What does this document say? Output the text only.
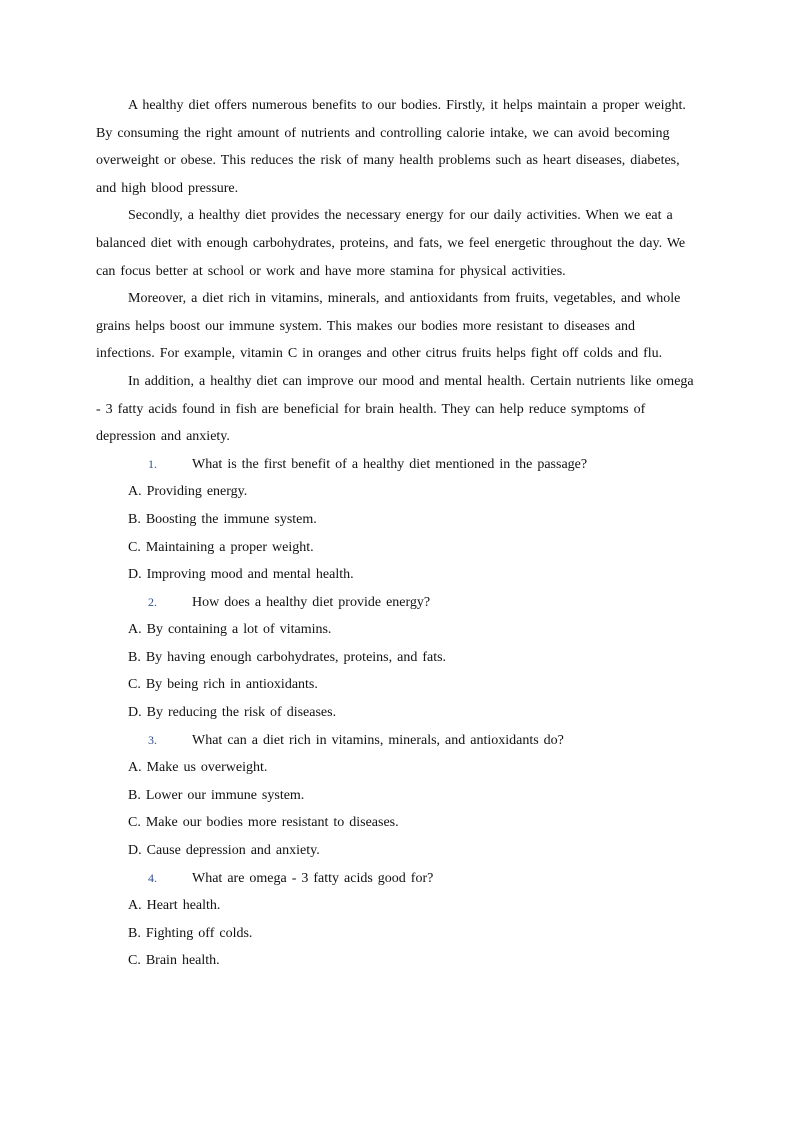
A healthy diet offers numerous benefits to our bodies. Firstly, it helps maintain a proper weight. By consuming the right amount of nutrients and controlling calorie intake, we can avoid becoming overweight or obese. This reduces the risk of many health problems such as heart diseases, diabetes, and high blood pressure.

Secondly, a healthy diet provides the necessary energy for our daily activities. When we eat a balanced diet with enough carbohydrates, proteins, and fats, we feel energetic throughout the day. We can focus better at school or work and have more stamina for physical activities.

Moreover, a diet rich in vitamins, minerals, and antioxidants from fruits, vegetables, and whole grains helps boost our immune system. This makes our bodies more resistant to diseases and infections. For example, vitamin C in oranges and other citrus fruits helps fight off colds and flu.

In addition, a healthy diet can improve our mood and mental health. Certain nutrients like omega - 3 fatty acids found in fish are beneficial for brain health. They can help reduce symptoms of depression and anxiety.

1.	What is the first benefit of a healthy diet mentioned in the passage?

A. Providing energy.

B. Boosting the immune system.

C. Maintaining a proper weight.

D. Improving mood and mental health.

2.	How does a healthy diet provide energy?

A. By containing a lot of vitamins.

B. By having enough carbohydrates, proteins, and fats.

C. By being rich in antioxidants.

D. By reducing the risk of diseases.

3.	What can a diet rich in vitamins, minerals, and antioxidants do?

A. Make us overweight.

B. Lower our immune system.

C. Make our bodies more resistant to diseases.

D. Cause depression and anxiety.

4.	What are omega - 3 fatty acids good for?

A. Heart health.

B. Fighting off colds.

C. Brain health.
